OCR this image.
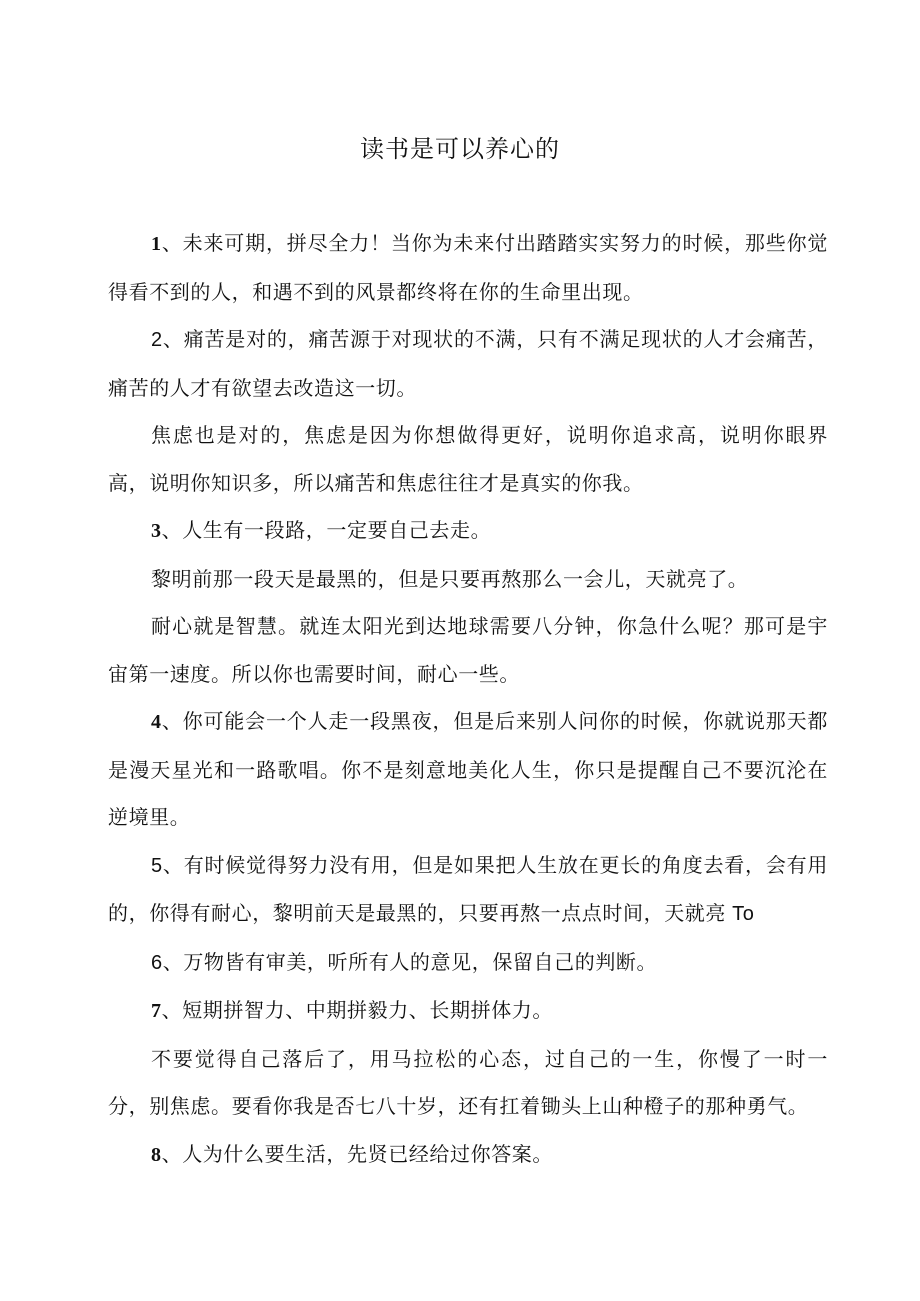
读书是可以养心的

1、未来可期，拼尽全力！当你为未来付出踏踏实实努力的时候，那些你觉得看不到的人，和遇不到的风景都终将在你的生命里出现。

2、痛苦是对的，痛苦源于对现状的不满，只有不满足现状的人才会痛苦，痛苦的人才有欲望去改造这一切。

焦虑也是对的，焦虑是因为你想做得更好，说明你追求高，说明你眼界高，说明你知识多，所以痛苦和焦虑往往才是真实的你我。

3、人生有一段路，一定要自己去走。

黎明前那一段天是最黑的，但是只要再熬那么一会儿，天就亮了。

耐心就是智慧。就连太阳光到达地球需要八分钟，你急什么呢？那可是宇宙第一速度。所以你也需要时间，耐心一些。

4、你可能会一个人走一段黑夜，但是后来别人问你的时候，你就说那天都是漫天星光和一路歌唱。你不是刻意地美化人生，你只是提醒自己不要沉沦在逆境里。

5、有时候觉得努力没有用，但是如果把人生放在更长的角度去看，会有用的，你得有耐心，黎明前天是最黑的，只要再熬一点点时间，天就亮 To

6、万物皆有审美，听所有人的意见，保留自己的判断。

7、短期拼智力、中期拼毅力、长期拼体力。

不要觉得自己落后了，用马拉松的心态，过自己的一生，你慢了一时一分，别焦虑。要看你我是否七八十岁，还有扛着锄头上山种橙子的那种勇气。

8、人为什么要生活，先贤已经给过你答案。
